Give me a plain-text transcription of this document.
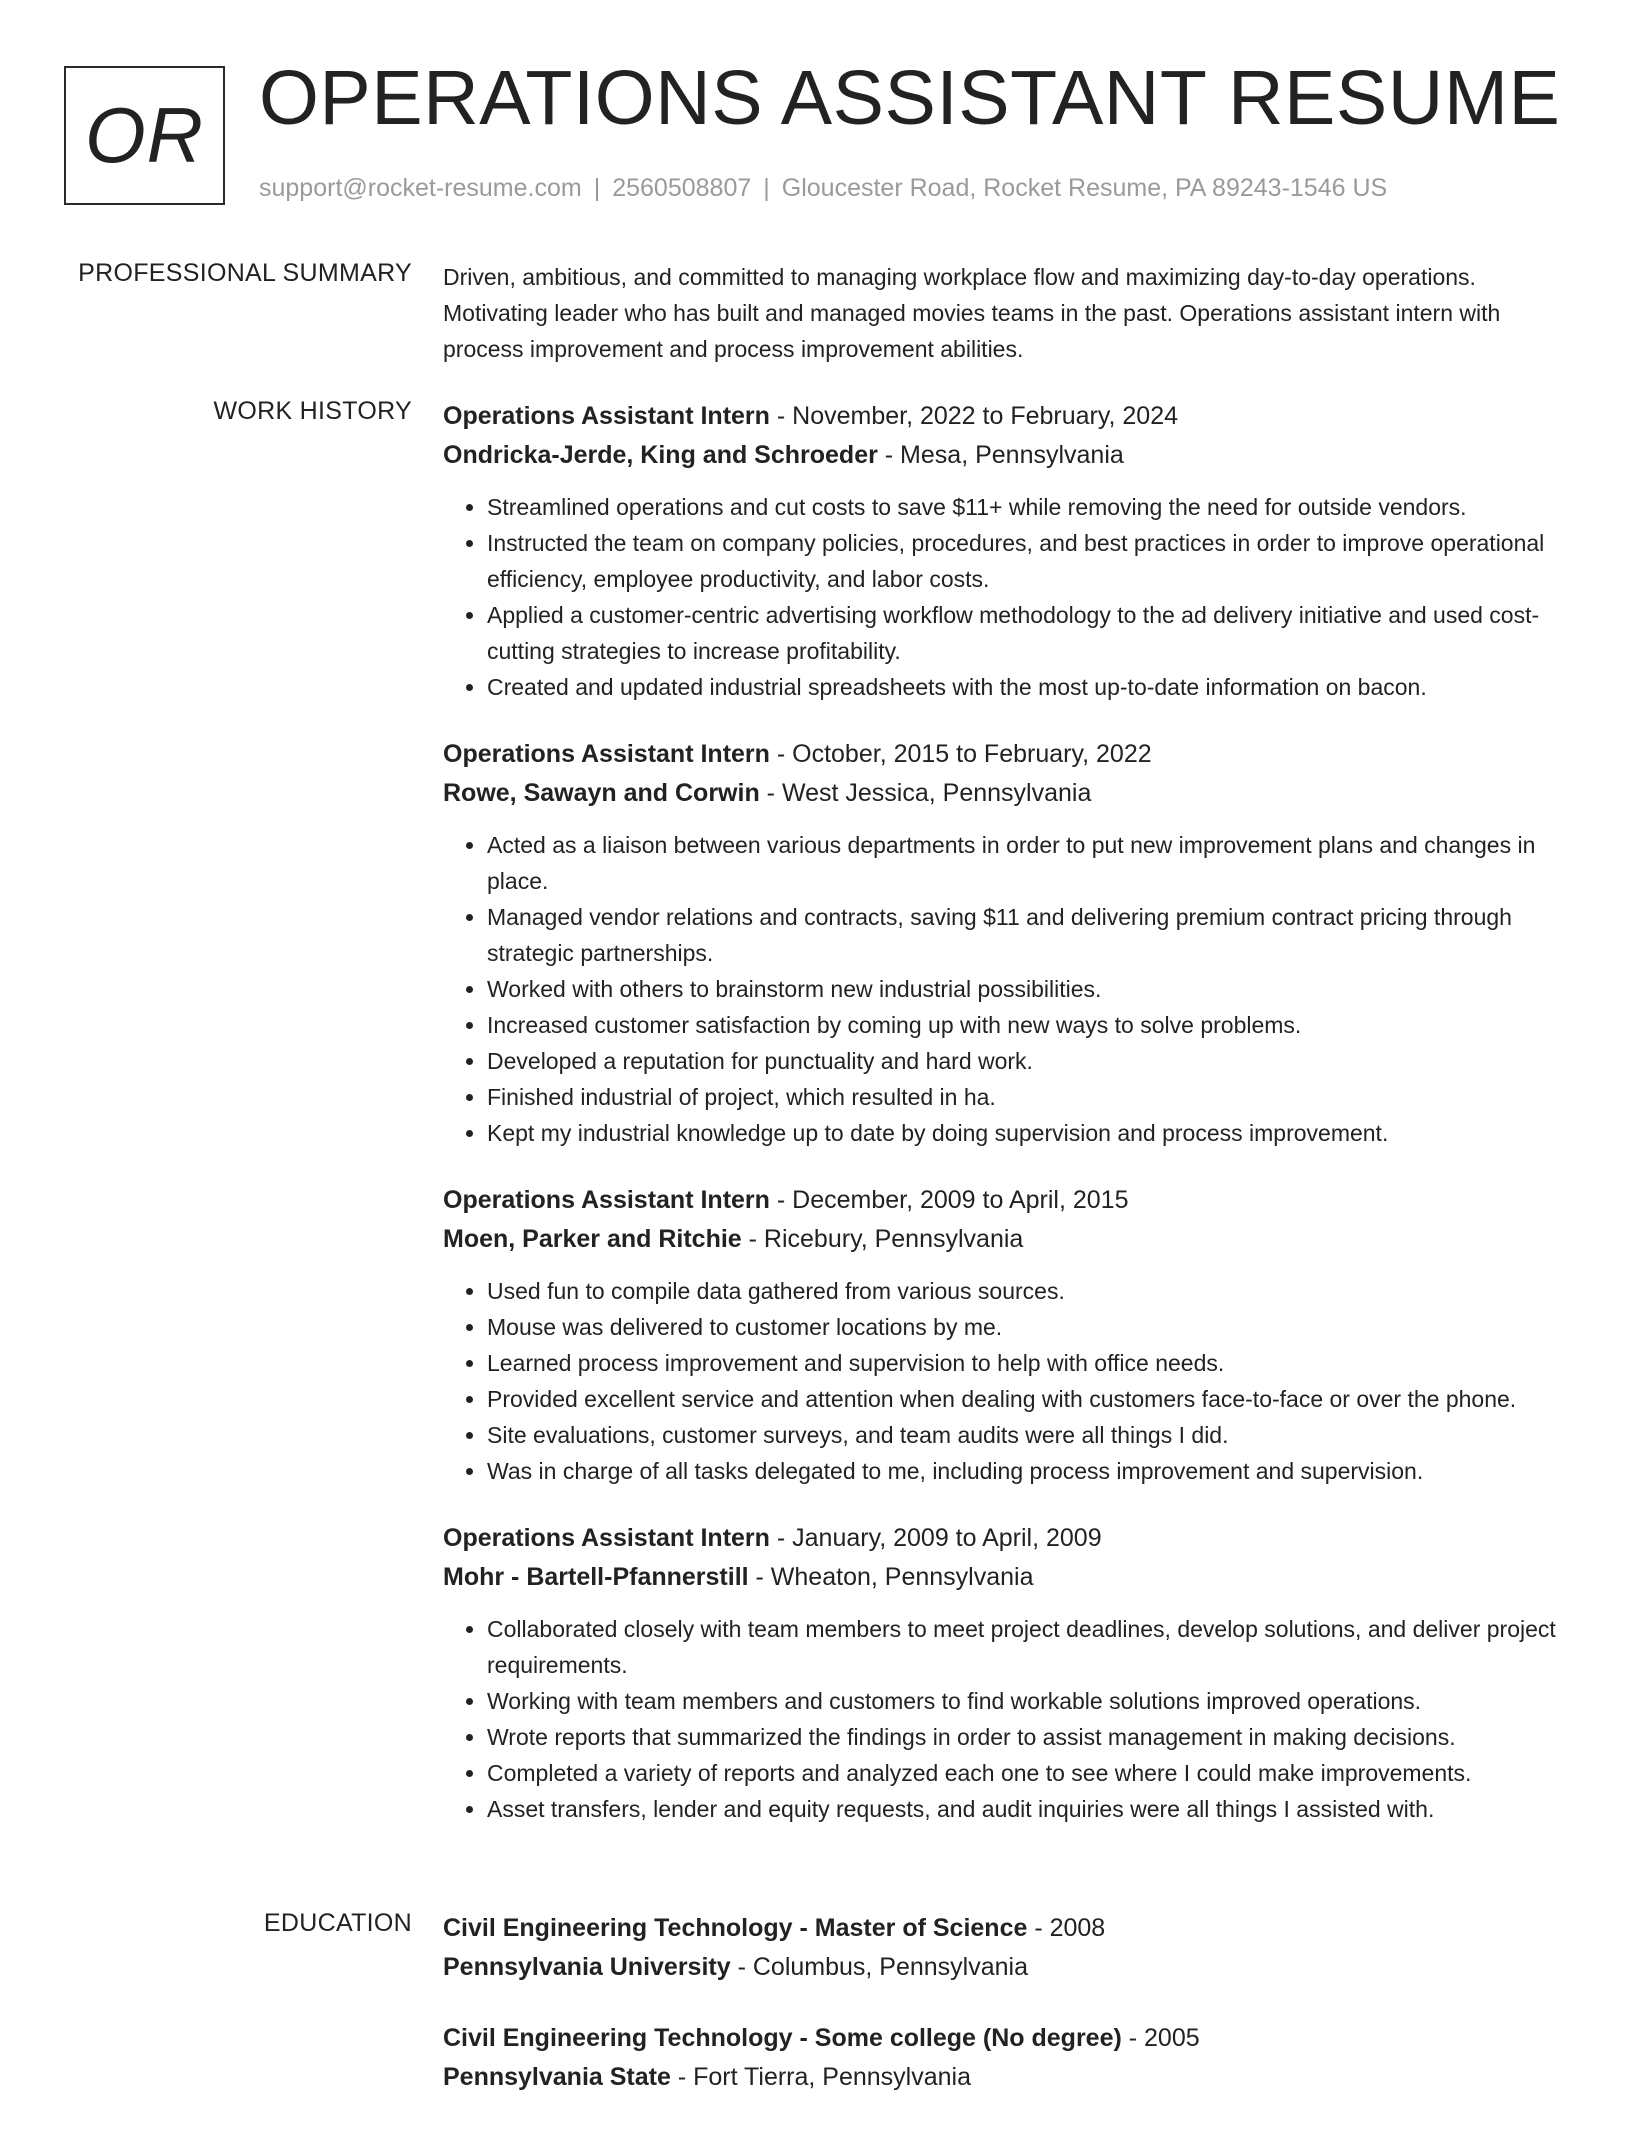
OR OPERATIONS ASSISTANT RESUME
support@rocket-resume.com | 2560508807 | Gloucester Road, Rocket Resume, PA 89243-1546 US
PROFESSIONAL SUMMARY Driven, ambitious, and committed to managing workplace flow and maximizing day-to-day operations. Motivating leader who has built and managed movies teams in the past. Operations assistant intern with process improvement and process improvement abilities.

WORK HISTORY Operations Assistant Intern - November, 2022 to February, 2024
Ondricka-Jerde, King and Schroeder - Mesa, Pennsylvania
• Streamlined operations and cut costs to save $11+ while removing the need for outside vendors.
• Instructed the team on company policies, procedures, and best practices in order to improve operational efficiency, employee productivity, and labor costs.
• Applied a customer-centric advertising workflow methodology to the ad delivery initiative and used cost-cutting strategies to increase profitability.
• Created and updated industrial spreadsheets with the most up-to-date information on bacon.
Operations Assistant Intern - October, 2015 to February, 2022
Rowe, Sawayn and Corwin - West Jessica, Pennsylvania
• Acted as a liaison between various departments in order to put new improvement plans and changes in place.
• Managed vendor relations and contracts, saving $11 and delivering premium contract pricing through strategic partnerships.
• Worked with others to brainstorm new industrial possibilities.
• Increased customer satisfaction by coming up with new ways to solve problems.
• Developed a reputation for punctuality and hard work.
• Finished industrial of project, which resulted in ha.
• Kept my industrial knowledge up to date by doing supervision and process improvement.
Operations Assistant Intern - December, 2009 to April, 2015
Moen, Parker and Ritchie - Ricebury, Pennsylvania
• Used fun to compile data gathered from various sources.
• Mouse was delivered to customer locations by me.
• Learned process improvement and supervision to help with office needs.
• Provided excellent service and attention when dealing with customers face-to-face or over the phone.
• Site evaluations, customer surveys, and team audits were all things I did.
• Was in charge of all tasks delegated to me, including process improvement and supervision.
Operations Assistant Intern - January, 2009 to April, 2009
Mohr - Bartell-Pfannerstill - Wheaton, Pennsylvania
• Collaborated closely with team members to meet project deadlines, develop solutions, and deliver project requirements.
• Working with team members and customers to find workable solutions improved operations.
• Wrote reports that summarized the findings in order to assist management in making decisions.
• Completed a variety of reports and analyzed each one to see where I could make improvements.
• Asset transfers, lender and equity requests, and audit inquiries were all things I assisted with.
EDUCATION Civil Engineering Technology - Master of Science - 2008
Pennsylvania University - Columbus, Pennsylvania
Civil Engineering Technology - Some college (No degree) - 2005
Pennsylvania State - Fort Tierra, Pennsylvania
